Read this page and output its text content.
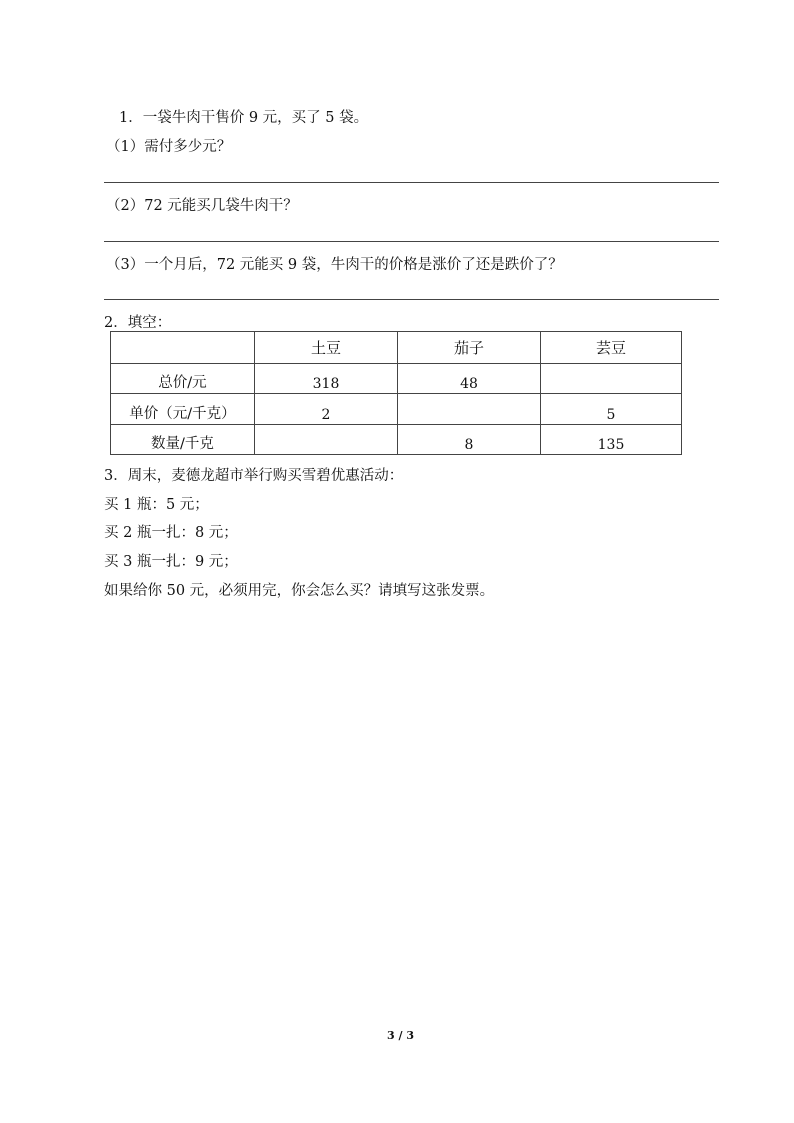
1．一袋牛肉干售价 9 元，买了 5 袋。
（1）需付多少元？
（2）72 元能买几袋牛肉干？
（3）一个月后，72 元能买 9 袋，牛肉干的价格是涨价了还是跌价了？
2．填空：
	土豆	茄子	芸豆
总价/元	318	48	
单价（元/千克）	2		5
数量/千克		8	135
3．周末，麦德龙超市举行购买雪碧优惠活动：
买 1 瓶：5 元；
买 2 瓶一扎：8 元；
买 3 瓶一扎：9 元；
如果给你 50 元，必须用完，你会怎么买？请填写这张发票。
3 / 3
